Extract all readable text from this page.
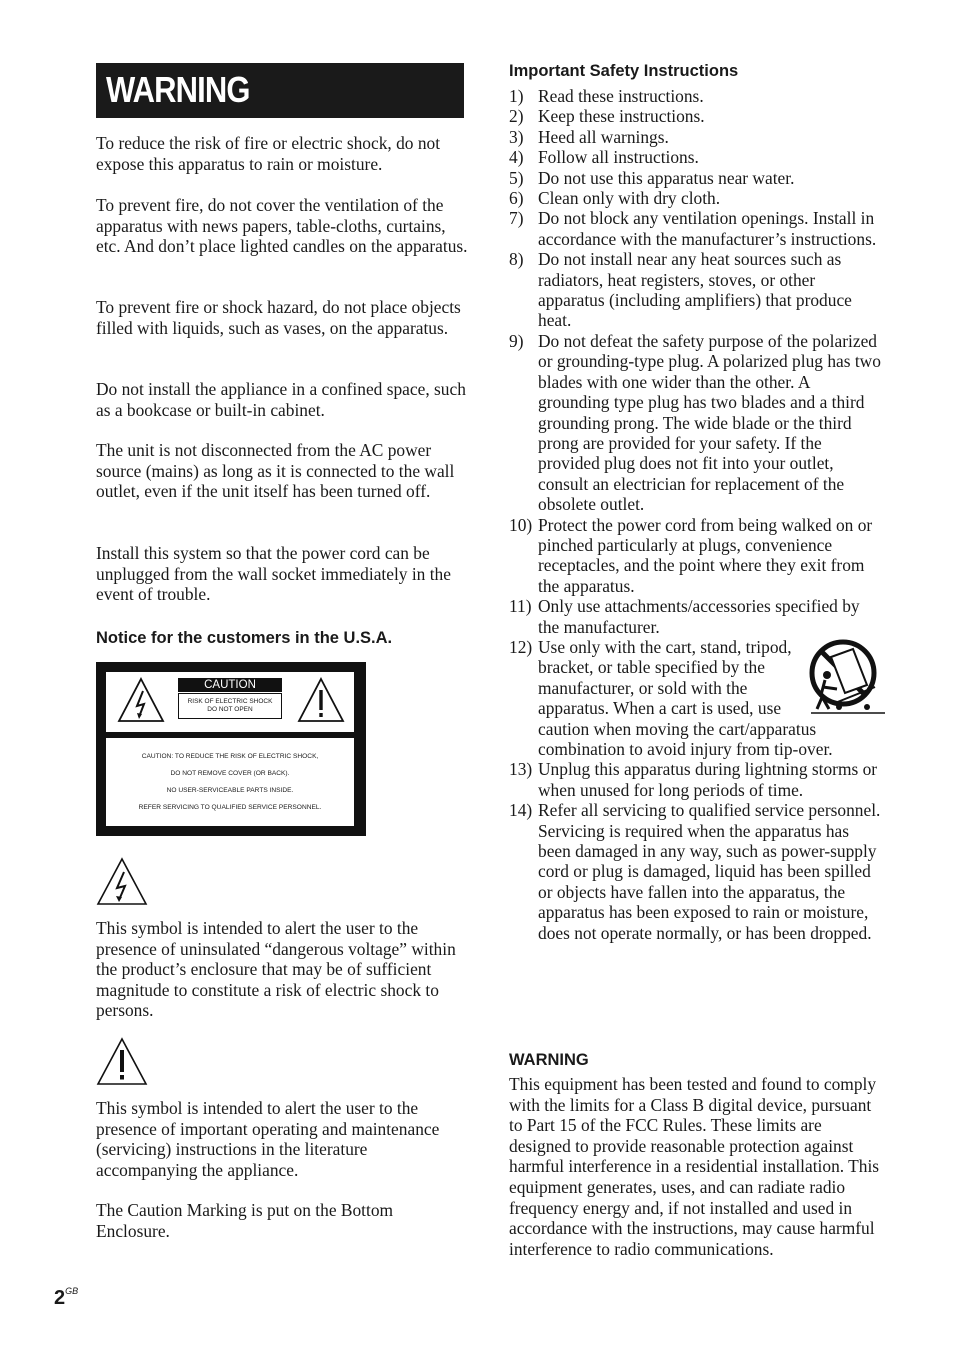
WARNING

To reduce the risk of fire or electric shock, do not expose this apparatus to rain or moisture.

To prevent fire, do not cover the ventilation of the apparatus with news papers, table-cloths, curtains, etc. And don’t place lighted candles on the apparatus.

To prevent fire or shock hazard, do not place objects filled with liquids, such as vases, on the apparatus.

Do not install the appliance in a confined space, such as a bookcase or built-in cabinet.

The unit is not disconnected from the AC power source (mains) as long as it is connected to the wall outlet, even if the unit itself has been turned off.

Install this system so that the power cord can be unplugged from the wall socket immediately in the event of trouble.

Notice for the customers in the U.S.A.

CAUTION
RISK OF ELECTRIC SHOCK
DO NOT OPEN
CAUTION: TO REDUCE THE RISK OF ELECTRIC SHOCK,
DO NOT REMOVE COVER (OR BACK).
NO USER-SERVICEABLE PARTS INSIDE.
REFER SERVICING TO QUALIFIED SERVICE PERSONNEL.

This symbol is intended to alert the user to the presence of uninsulated “dangerous voltage” within the product’s enclosure that may be of sufficient magnitude to constitute a risk of electric shock to persons.

This symbol is intended to alert the user to the presence of important operating and maintenance (servicing) instructions in the literature accompanying the appliance.

The Caution Marking is put on the Bottom Enclosure.

Important Safety Instructions

1) Read these instructions.
2) Keep these instructions.
3) Heed all warnings.
4) Follow all instructions.
5) Do not use this apparatus near water.
6) Clean only with dry cloth.
7) Do not block any ventilation openings. Install in accordance with the manufacturer’s instructions.
8) Do not install near any heat sources such as radiators, heat registers, stoves, or other apparatus (including amplifiers) that produce heat.
9) Do not defeat the safety purpose of the polarized or grounding-type plug. A polarized plug has two blades with one wider than the other. A grounding type plug has two blades and a third grounding prong. The wide blade or the third prong are provided for your safety. If the provided plug does not fit into your outlet, consult an electrician for replacement of the obsolete outlet.
10) Protect the power cord from being walked on or pinched particularly at plugs, convenience receptacles, and the point where they exit from the apparatus.
11) Only use attachments/accessories specified by the manufacturer.
12) Use only with the cart, stand, tripod, bracket, or table specified by the manufacturer, or sold with the apparatus. When a cart is used, use caution when moving the cart/apparatus combination to avoid injury from tip-over.
13) Unplug this apparatus during lightning storms or when unused for long periods of time.
14) Refer all servicing to qualified service personnel. Servicing is required when the apparatus has been damaged in any way, such as power-supply cord or plug is damaged, liquid has been spilled or objects have fallen into the apparatus, the apparatus has been exposed to rain or moisture, does not operate normally, or has been dropped.

WARNING

This equipment has been tested and found to comply with the limits for a Class B digital device, pursuant to Part 15 of the FCC Rules. These limits are designed to provide reasonable protection against harmful interference in a residential installation. This equipment generates, uses, and can radiate radio frequency energy and, if not installed and used in accordance with the instructions, may cause harmful interference to radio communications.

$2^{GB}$
